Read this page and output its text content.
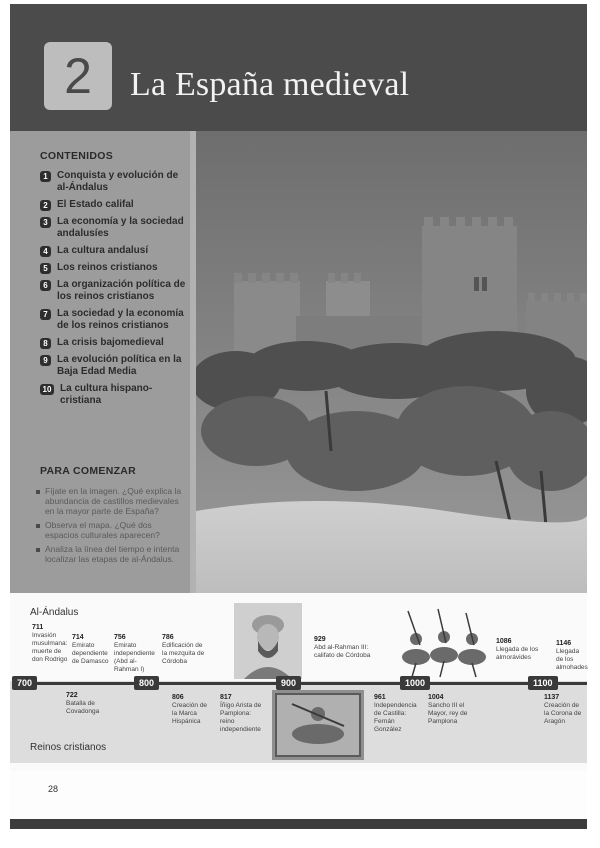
2	La España medieval
CONTENIDOS
1 Conquista y evolución de al-Ándalus
2 El Estado califal
3 La economía y la sociedad andalusíes
4 La cultura andalusí
5 Los reinos cristianos
6 La organización política de los reinos cristianos
7 La sociedad y la economía de los reinos cristianos
8 La crisis bajomedieval
9 La evolución política en la Baja Edad Media
10 La cultura hispano-cristiana
PARA COMENZAR
Fíjate en la imagen. ¿Qué explica la abundancia de castillos medievales en la mayor parte de España?
Observa el mapa. ¿Qué dos espacios culturales aparecen?
Analiza la línea del tiempo e intenta localizar las etapas de al-Ándalus.
Al-Ándalus
Reinos cristianos
700	800	900	1000	1100
711
Invasión musulmana: muerte de don Rodrigo
714
Emirato dependiente de Damasco
756
Emirato independiente (Abd al-Rahman I)
786
Edificación de la mezquita de Córdoba
929
Abd al-Rahman III: califato de Córdoba
1086
Llegada de los almorávides
1146
Llegada de los almohades
722
Batalla de Covadonga
806
Creación de la Marca Hispánica
817
Íñigo Arista de Pamplona: reino independiente
961
Independencia de Castilla: Fernán González
1004
Sancho III el Mayor, rey de Pamplona
1137
Creación de la Corona de Aragón
28
